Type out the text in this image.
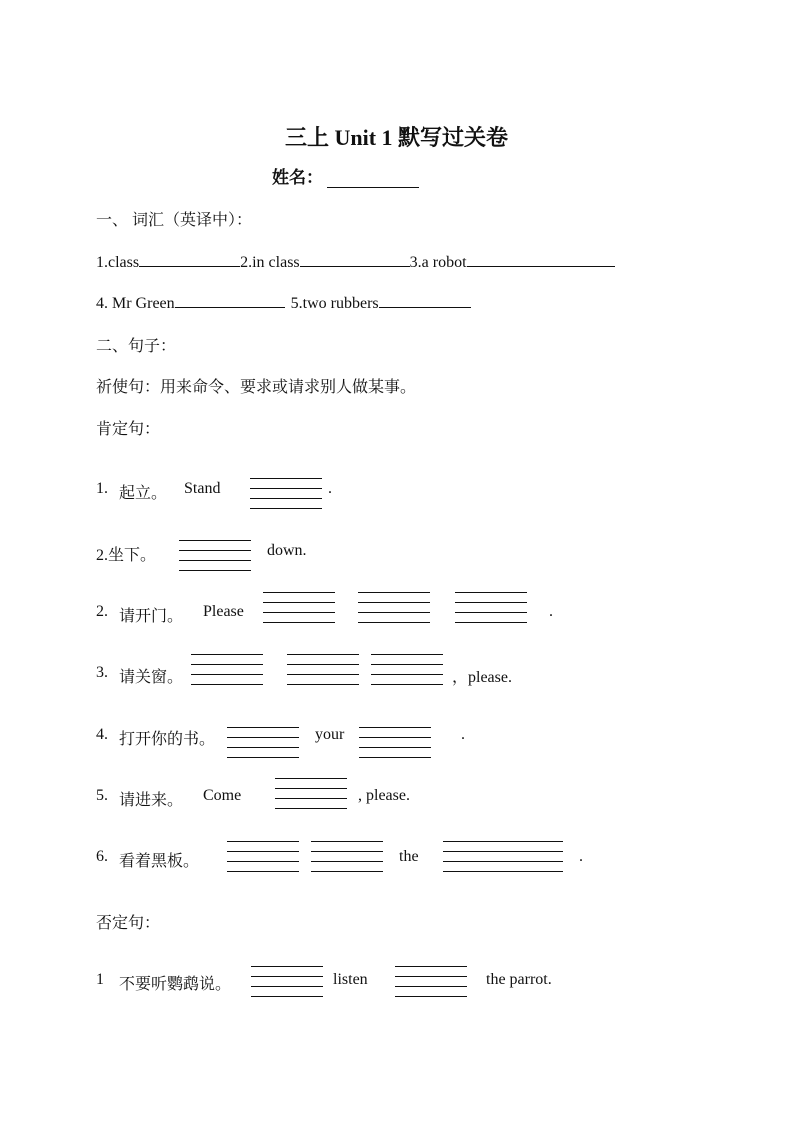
三上 Unit 1 默写过关卷
姓名：
一、 词汇（英译中）：
1.class	2.in class	3.a robot
4. Mr Green	5.two rubbers
二、句子：
祈使句：用来命令、要求或请求别人做某事。
肯定句：
1. 起立。 Stand	.
2.坐下。	down.
2. 请开门。 Please	.
3. 请关窗。	，please.
4. 打开你的书。	your	.
5. 请进来。 Come	, please.
6. 看着黑板。	the	.
否定句：
1 不要听鹦鹉说。	listen	the parrot.
